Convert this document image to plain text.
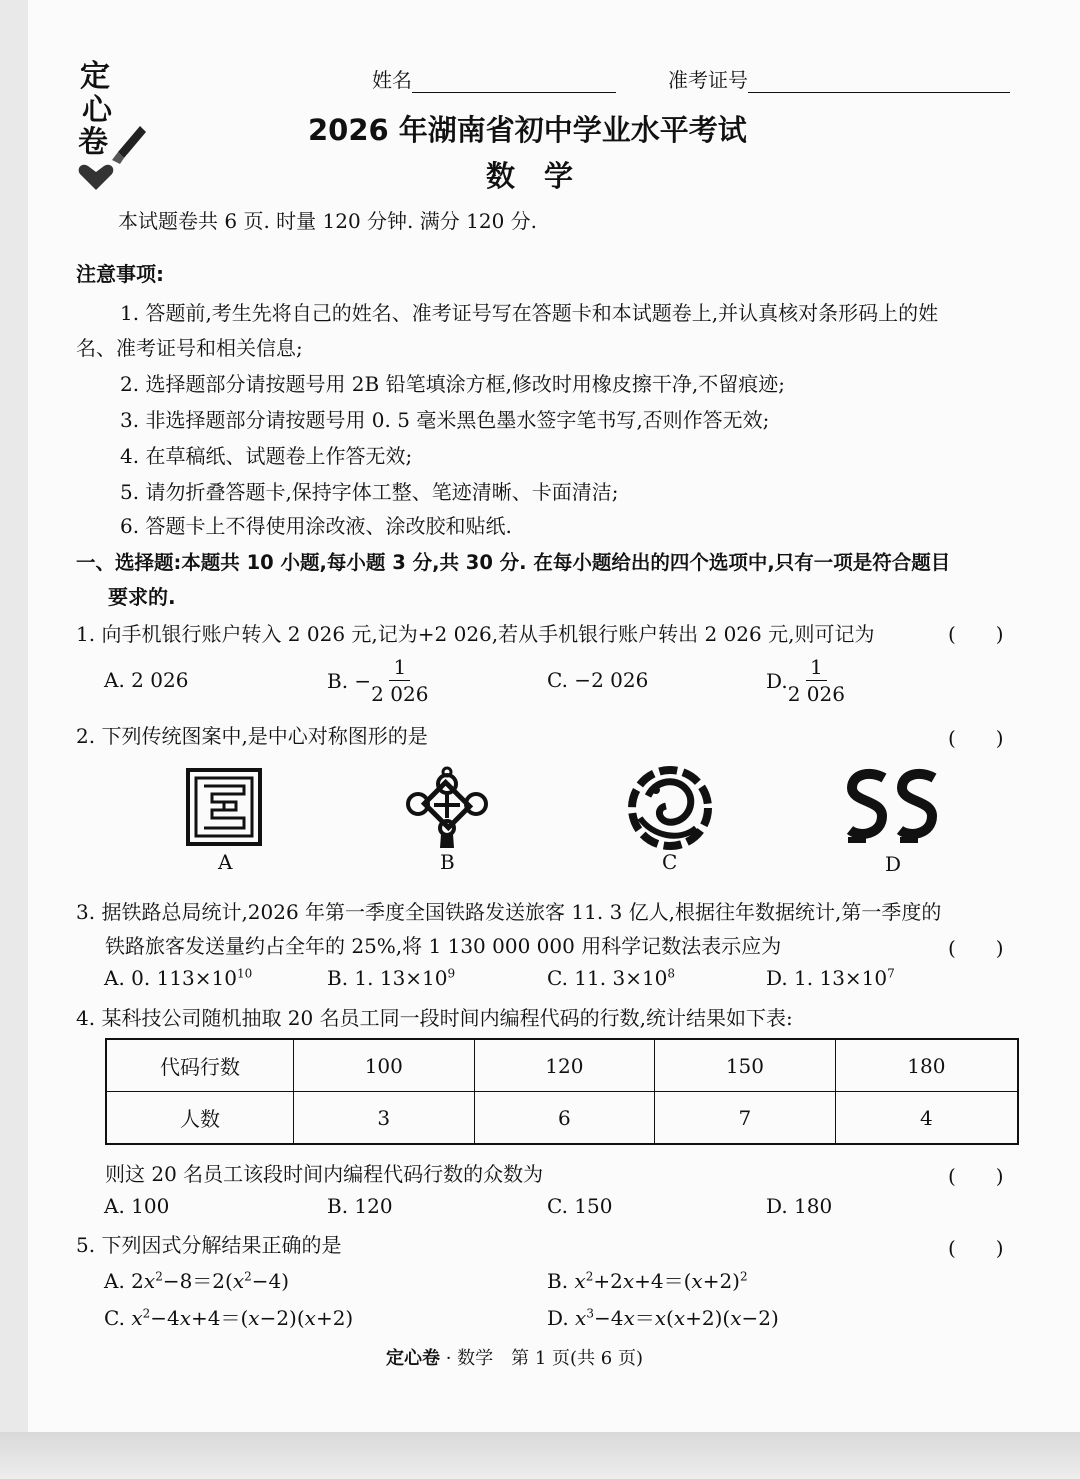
定
心
卷
姓名	准考证号
2026 年湖南省初中学业水平考试
数　学
本试题卷共 6 页. 时量 120 分钟. 满分 120 分.
注意事项:
1. 答题前,考生先将自己的姓名、准考证号写在答题卡和本试题卷上,并认真核对条形码上的姓
名、准考证号和相关信息;
2. 选择题部分请按题号用 2B 铅笔填涂方框,修改时用橡皮擦干净,不留痕迹;
3. 非选择题部分请按题号用 0. 5 毫米黑色墨水签字笔书写,否则作答无效;
4. 在草稿纸、试题卷上作答无效;
5. 请勿折叠答题卡,保持字体工整、笔迹清晰、卡面清洁;
6. 答题卡上不得使用涂改液、涂改胶和贴纸.
一、选择题:本题共 10 小题,每小题 3 分,共 30 分. 在每小题给出的四个选项中,只有一项是符合题目
要求的.
1. 向手机银行账户转入 2 026 元,记为+2 026,若从手机银行账户转出 2 026 元,则可记为	(　　)
A. 2 026	B. − $\frac{1}{2 026}$	C. −2 026	D. $\frac{1}{2 026}$
2. 下列传统图案中,是中心对称图形的是	(　　)
A	B	C	D
3. 据铁路总局统计,2026 年第一季度全国铁路发送旅客 11. 3 亿人,根据往年数据统计,第一季度的
铁路旅客发送量约占全年的 25%,将 1 130 000 000 用科学记数法表示应为	(　　)
A. 0. $113\times 10^{10}$	B. 1. $13\times 10^9$	C. 11. $3\times 10^8$	D. 1. $13\times 10^7$
4. 某科技公司随机抽取 20 名员工同一段时间内编程代码的行数,统计结果如下表:
代码行数	100	120	150	180
人数	3	6	7	4
则这 20 名员工该段时间内编程代码行数的众数为	(　　)
A. 100	B. 120	C. 150	D. 180
5. 下列因式分解结果正确的是	(　　)
A. $2x^2-8=2(x^2-4)$	B. $x^2+2x+4=(x+2)^2$
C. $x^2-4x+4=(x-2)(x+2)$	D. $x^3-4x=x(x+2)(x-2)$
定心卷 · 数学　第 1 页(共 6 页)
